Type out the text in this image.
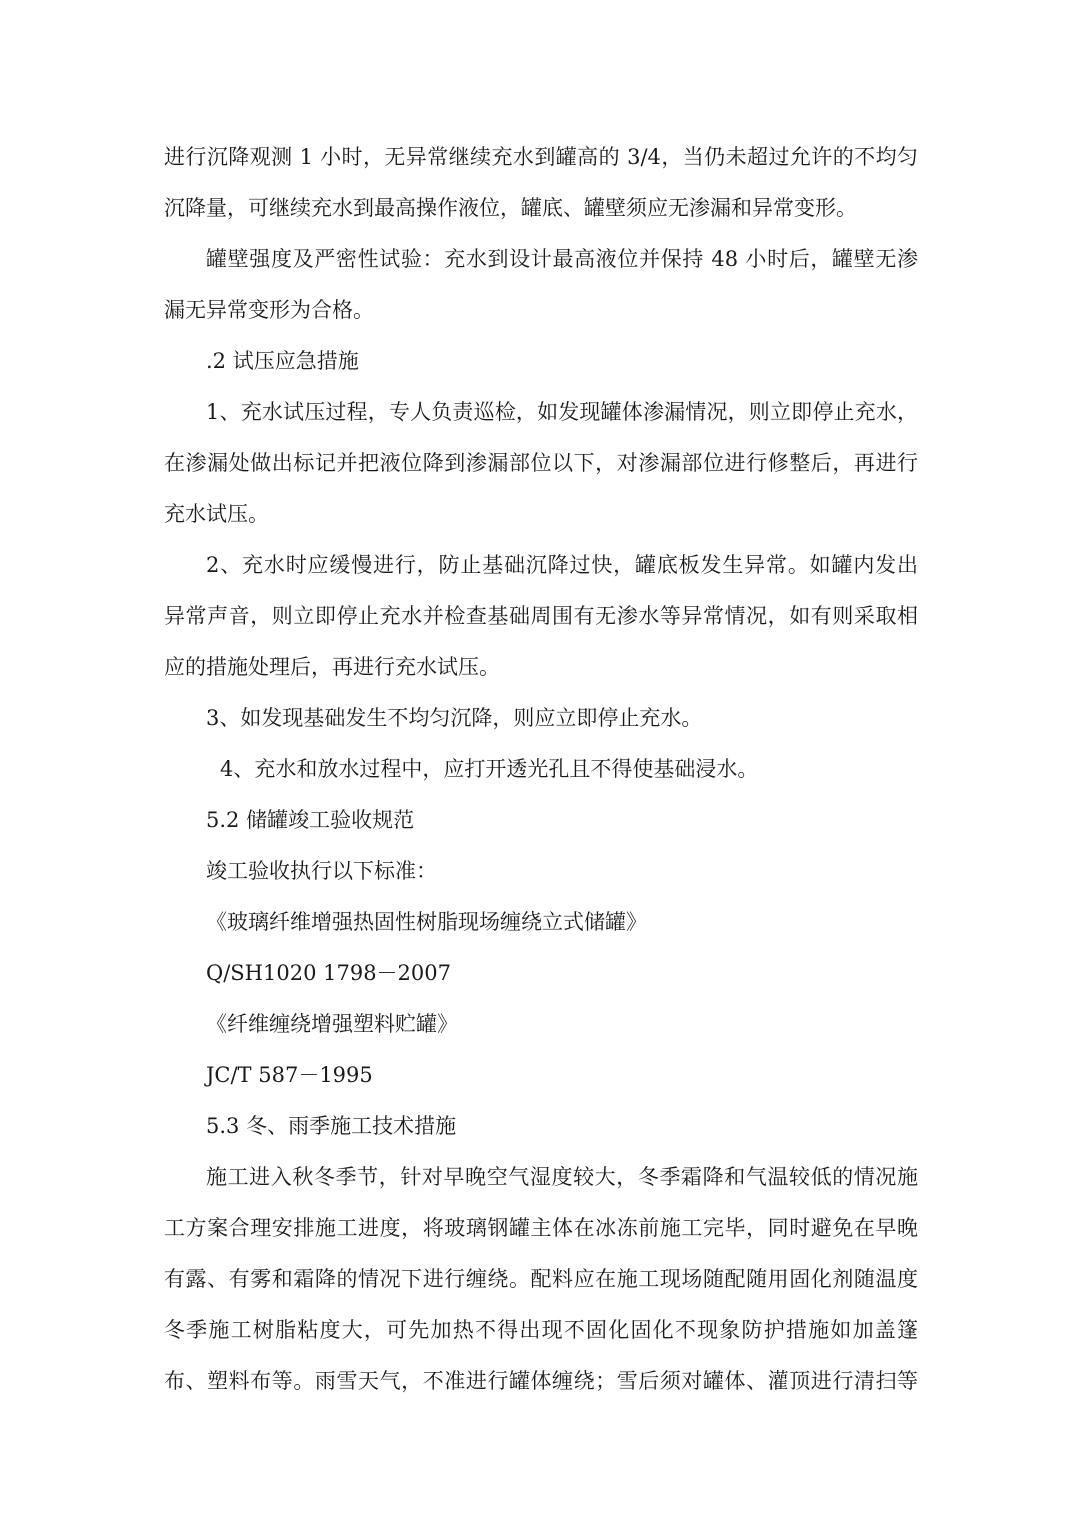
进行沉降观测 1 小时，无异常继续充水到罐高的 3/4，当仍未超过允许的不均匀
沉降量，可继续充水到最高操作液位，罐底、罐壁须应无渗漏和异常变形。
罐壁强度及严密性试验：充水到设计最高液位并保持 48 小时后，罐壁无渗
漏无异常变形为合格。
.2 试压应急措施
1、充水试压过程，专人负责巡检，如发现罐体渗漏情况，则立即停止充水，
在渗漏处做出标记并把液位降到渗漏部位以下，对渗漏部位进行修整后，再进行
充水试压。
2、充水时应缓慢进行，防止基础沉降过快，罐底板发生异常。如罐内发出
异常声音，则立即停止充水并检查基础周围有无渗水等异常情况，如有则采取相
应的措施处理后，再进行充水试压。
3、如发现基础发生不均匀沉降，则应立即停止充水。
4、充水和放水过程中，应打开透光孔且不得使基础浸水。
5.2 储罐竣工验收规范
竣工验收执行以下标准：
《玻璃纤维增强热固性树脂现场缠绕立式储罐》
Q/SH1020 1798－2007
《纤维缠绕增强塑料贮罐》
JC/T 587－1995
5.3 冬、雨季施工技术措施
施工进入秋冬季节，针对早晚空气湿度较大，冬季霜降和气温较低的情况施
工方案合理安排施工进度，将玻璃钢罐主体在冰冻前施工完毕，同时避免在早晚
有露、有雾和霜降的情况下进行缠绕。配料应在施工现场随配随用固化剂随温度
冬季施工树脂粘度大，可先加热不得出现不固化固化不现象防护措施如加盖篷
布、塑料布等。雨雪天气，不准进行罐体缠绕；雪后须对罐体、灌顶进行清扫等
